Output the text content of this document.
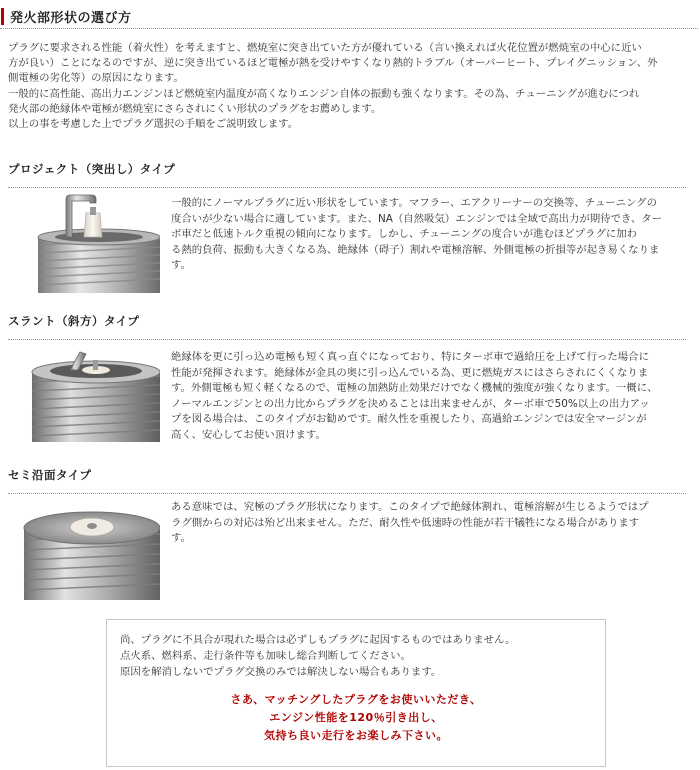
発火部形状の選び方

プラグに要求される性能（着火性）を考えますと、燃焼室に突き出ていた方が優れている（言い換えれば火花位置が燃焼室の中心に近い

方が良い）ことになるのですが、逆に突き出ているほど電極が熱を受けやすくなり熱的トラブル（オーバーヒート、プレイグニッション、外

側電極の劣化等）の原因になります。

一般的に高性能、高出力エンジンほど燃焼室内温度が高くなりエンジン自体の振動も強くなります。その為、チューニングが進むにつれ

発火部の絶縁体や電極が燃焼室にさらされにくい形状のプラグをお薦めします。

以上の事を考慮した上でプラグ選択の手順をご説明致します。

プロジェクト（突出し）タイプ
一般的にノーマルプラグに近い形状をしています。マフラー、エアクリーナーの交換等、チューニングの
度合いが少ない場合に適しています。また、NA（自然吸気）エンジンでは全域で高出力が期待でき、ター
ボ車だと低速トルク重視の傾向になります。しかし、チューニングの度合いが進むほどプラグに加わ
る熱的負荷、振動も大きくなる為、絶縁体（碍子）割れや電極溶解、外側電極の折損等が起き易くなりま
す。
スラント（斜方）タイプ
絶縁体を更に引っ込め電極も短く真っ直ぐになっており、特にターボ車で過給圧を上げて行った場合に
性能が発揮されます。絶縁体が金具の奥に引っ込んでいる為、更に燃焼ガスにはさらされにくくなりま
す。外側電極も短く軽くなるので、電極の加熱防止効果だけでなく機械的強度が強くなります。一概に、
ノーマルエンジンとの出力比からプラグを決めることは出来ませんが、ターボ車で50%以上の出力アッ
プを図る場合は、このタイプがお勧めです。耐久性を重視したり、高過給エンジンでは安全マージンが
高く、安心してお使い頂けます。
セミ沿面タイプ
ある意味では、究極のプラグ形状になります。このタイプで絶縁体割れ、電極溶解が生じるようではプ
ラグ側からの対応は殆ど出来ません。ただ、耐久性や低速時の性能が若干犠牲になる場合があります
す。
尚、プラグに不具合が現れた場合は必ずしもプラグに起因するものではありません。
点火系、燃料系、走行条件等も加味し総合判断してください。
原因を解消しないでプラグ交換のみでは解決しない場合もあります。
さあ、マッチングしたプラグをお使いいただき、
エンジン性能を120％引き出し、
気持ち良い走行をお楽しみ下さい。
